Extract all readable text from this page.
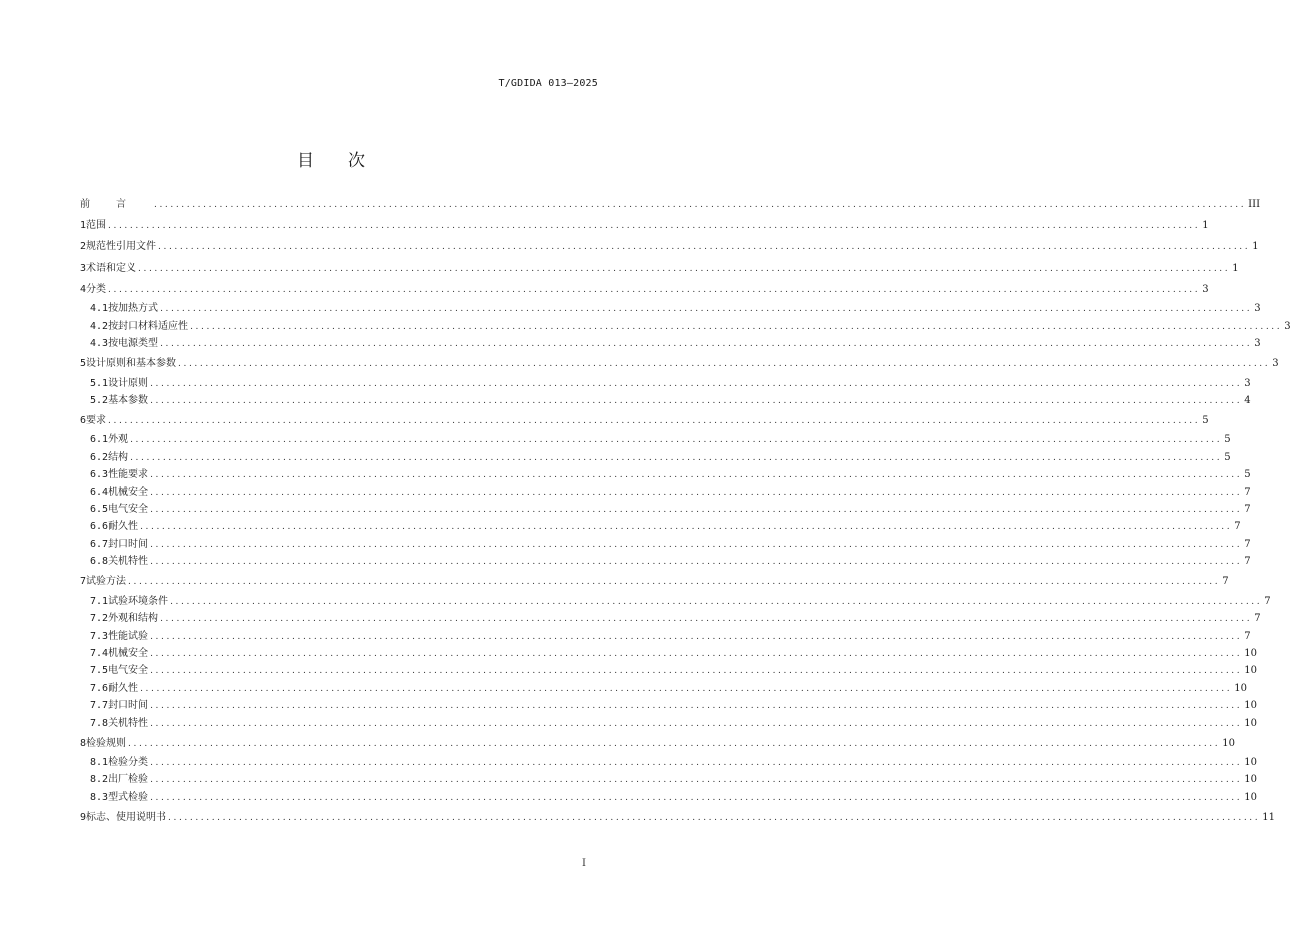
T/GDIDA 013—2025
目 次
前言 ........................................................................................................................................................................................................ III
1 范围 ........................................................................................................................................................................................................ 1
2 规范性引用文件 ........................................................................................................................................................................................................ 1
3 术语和定义 ........................................................................................................................................................................................................ 1
4 分类 ........................................................................................................................................................................................................ 3
4.1 按加热方式 ........................................................................................................................................................................................................ 3
4.2 按封口材料适应性 ........................................................................................................................................................................................................ 3
4.3 按电源类型 ........................................................................................................................................................................................................ 3
5 设计原则和基本参数 ........................................................................................................................................................................................................ 3
5.1 设计原则 ........................................................................................................................................................................................................ 3
5.2 基本参数 ........................................................................................................................................................................................................ 4
6 要求 ........................................................................................................................................................................................................ 5
6.1 外观 ........................................................................................................................................................................................................ 5
6.2 结构 ........................................................................................................................................................................................................ 5
6.3 性能要求 ........................................................................................................................................................................................................ 5
6.4 机械安全 ........................................................................................................................................................................................................ 7
6.5 电气安全 ........................................................................................................................................................................................................ 7
6.6 耐久性 ........................................................................................................................................................................................................ 7
6.7 封口时间 ........................................................................................................................................................................................................ 7
6.8 关机特性 ........................................................................................................................................................................................................ 7
7 试验方法 ........................................................................................................................................................................................................ 7
7.1 试验环境条件 ........................................................................................................................................................................................................ 7
7.2 外观和结构 ........................................................................................................................................................................................................ 7
7.3 性能试验 ........................................................................................................................................................................................................ 7
7.4 机械安全 ........................................................................................................................................................................................................ 10
7.5 电气安全 ........................................................................................................................................................................................................ 10
7.6 耐久性 ........................................................................................................................................................................................................ 10
7.7 封口时间 ........................................................................................................................................................................................................ 10
7.8 关机特性 ........................................................................................................................................................................................................ 10
8 检验规则 ........................................................................................................................................................................................................ 10
8.1 检验分类 ........................................................................................................................................................................................................ 10
8.2 出厂检验 ........................................................................................................................................................................................................ 10
8.3 型式检验 ........................................................................................................................................................................................................ 10
9 标志、使用说明书 ........................................................................................................................................................................................................ 11
I
